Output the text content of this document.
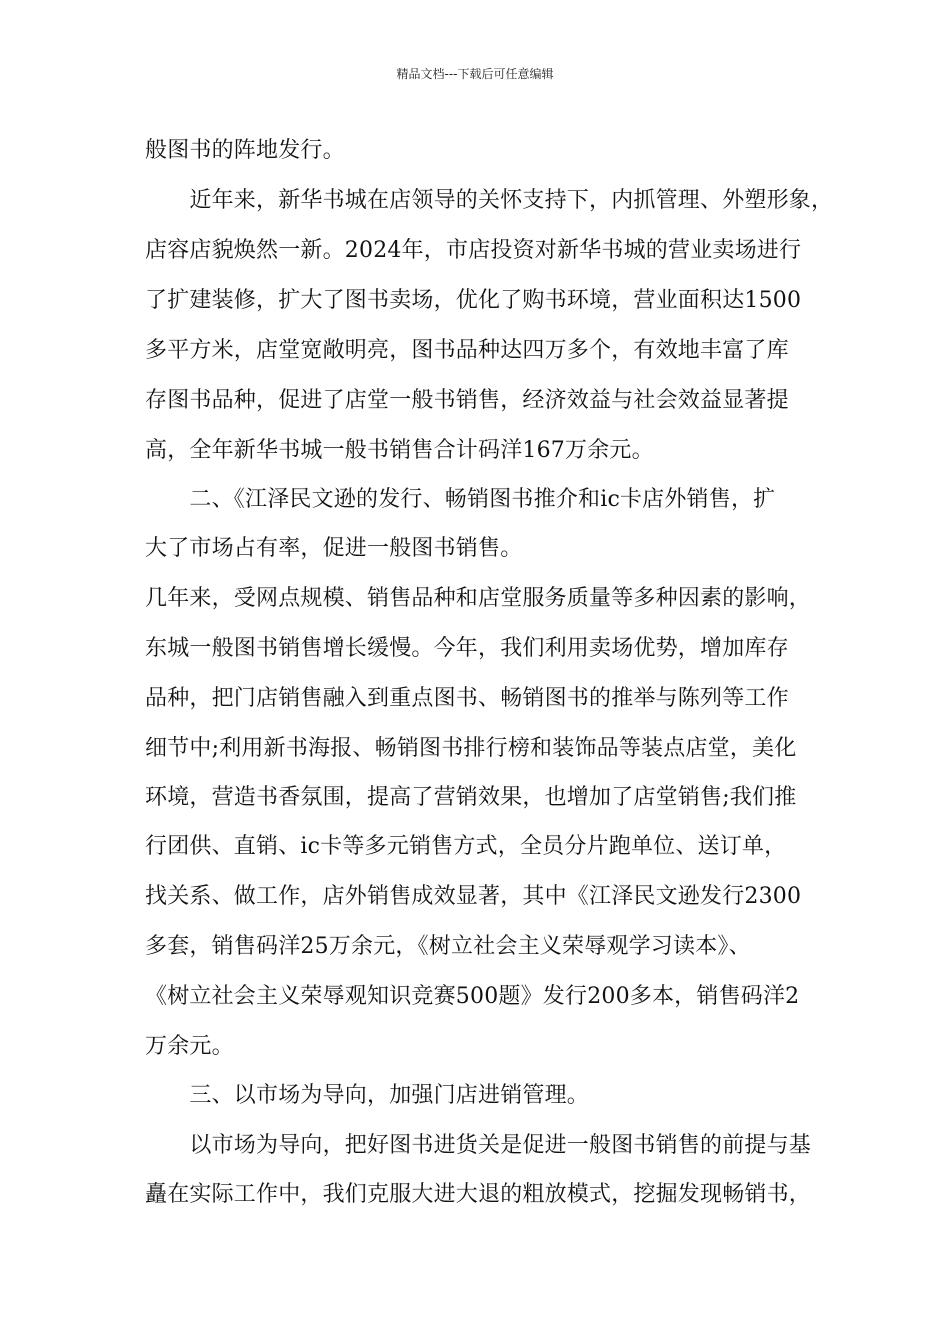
精品文档---下载后可任意编辑
般图书的阵地发行。
　　近年来，新华书城在店领导的关怀支持下，内抓管理、外塑形象，
店容店貌焕然一新。2024年，市店投资对新华书城的营业卖场进行
了扩建装修，扩大了图书卖场，优化了购书环境，营业面积达1500
多平方米，店堂宽敞明亮，图书品种达四万多个，有效地丰富了库
存图书品种，促进了店堂一般书销售，经济效益与社会效益显著提
高，全年新华书城一般书销售合计码洋167万余元。
　　二、《江泽民文逊的发行、畅销图书推介和ic卡店外销售，扩
大了市场占有率，促进一般图书销售。
几年来，受网点规模、销售品种和店堂服务质量等多种因素的影响，
东城一般图书销售增长缓慢。今年，我们利用卖场优势，增加库存
品种，把门店销售融入到重点图书、畅销图书的推举与陈列等工作
细节中;利用新书海报、畅销图书排行榜和装饰品等装点店堂，美化
环境，营造书香氛围，提高了营销效果，也增加了店堂销售;我们推
行团供、直销、ic卡等多元销售方式，全员分片跑单位、送订单，
找关系、做工作，店外销售成效显著，其中《江泽民文逊发行2300
多套，销售码洋25万余元，《树立社会主义荣辱观学习读本》、
《树立社会主义荣辱观知识竞赛500题》发行200多本，销售码洋2
万余元。
　　三、以市场为导向，加强门店进销管理。
　　以市场为导向，把好图书进货关是促进一般图书销售的前提与基
矗在实际工作中，我们克服大进大退的粗放模式，挖掘发现畅销书，
